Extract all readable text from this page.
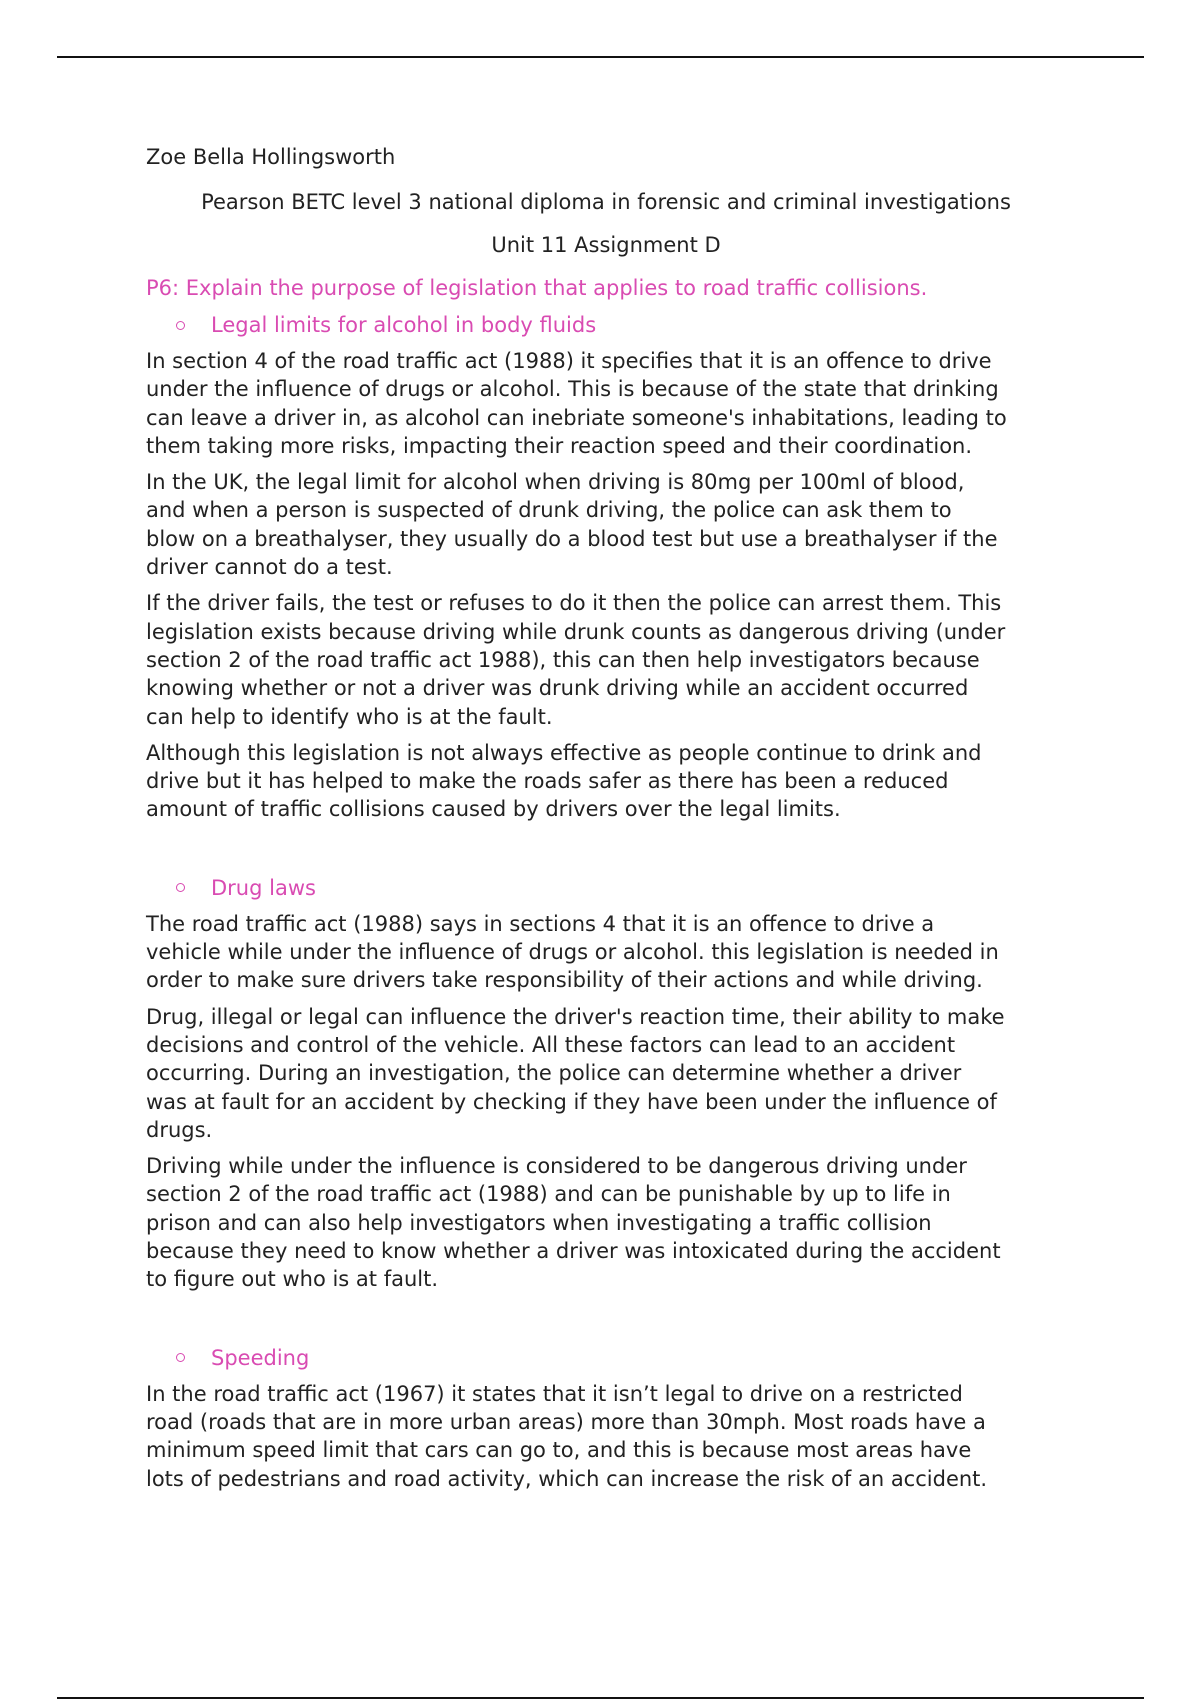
Zoe Bella Hollingsworth
Pearson BETC level 3 national diploma in forensic and criminal investigations
Unit 11 Assignment D
P6: Explain the purpose of legislation that applies to road traffic collisions.
Legal limits for alcohol in body fluids

In section 4 of the road traffic act (1988) it specifies that it is an offence to drive
under the influence of drugs or alcohol. This is because of the state that drinking
can leave a driver in, as alcohol can inebriate someone's inhabitations, leading to
them taking more risks, impacting their reaction speed and their coordination.

In the UK, the legal limit for alcohol when driving is 80mg per 100ml of blood,
and when a person is suspected of drunk driving, the police can ask them to
blow on a breathalyser, they usually do a blood test but use a breathalyser if the
driver cannot do a test.

If the driver fails, the test or refuses to do it then the police can arrest them. This
legislation exists because driving while drunk counts as dangerous driving (under
section 2 of the road traffic act 1988), this can then help investigators because
knowing whether or not a driver was drunk driving while an accident occurred
can help to identify who is at the fault.

Although this legislation is not always effective as people continue to drink and
drive but it has helped to make the roads safer as there has been a reduced
amount of traffic collisions caused by drivers over the legal limits.

Drug laws

The road traffic act (1988) says in sections 4 that it is an offence to drive a
vehicle while under the influence of drugs or alcohol. this legislation is needed in
order to make sure drivers take responsibility of their actions and while driving.

Drug, illegal or legal can influence the driver's reaction time, their ability to make
decisions and control of the vehicle. All these factors can lead to an accident
occurring. During an investigation, the police can determine whether a driver
was at fault for an accident by checking if they have been under the influence of
drugs.

Driving while under the influence is considered to be dangerous driving under
section 2 of the road traffic act (1988) and can be punishable by up to life in
prison and can also help investigators when investigating a traffic collision
because they need to know whether a driver was intoxicated during the accident
to figure out who is at fault.

Speeding

In the road traffic act (1967) it states that it isn’t legal to drive on a restricted
road (roads that are in more urban areas) more than 30mph. Most roads have a
minimum speed limit that cars can go to, and this is because most areas have
lots of pedestrians and road activity, which can increase the risk of an accident.
